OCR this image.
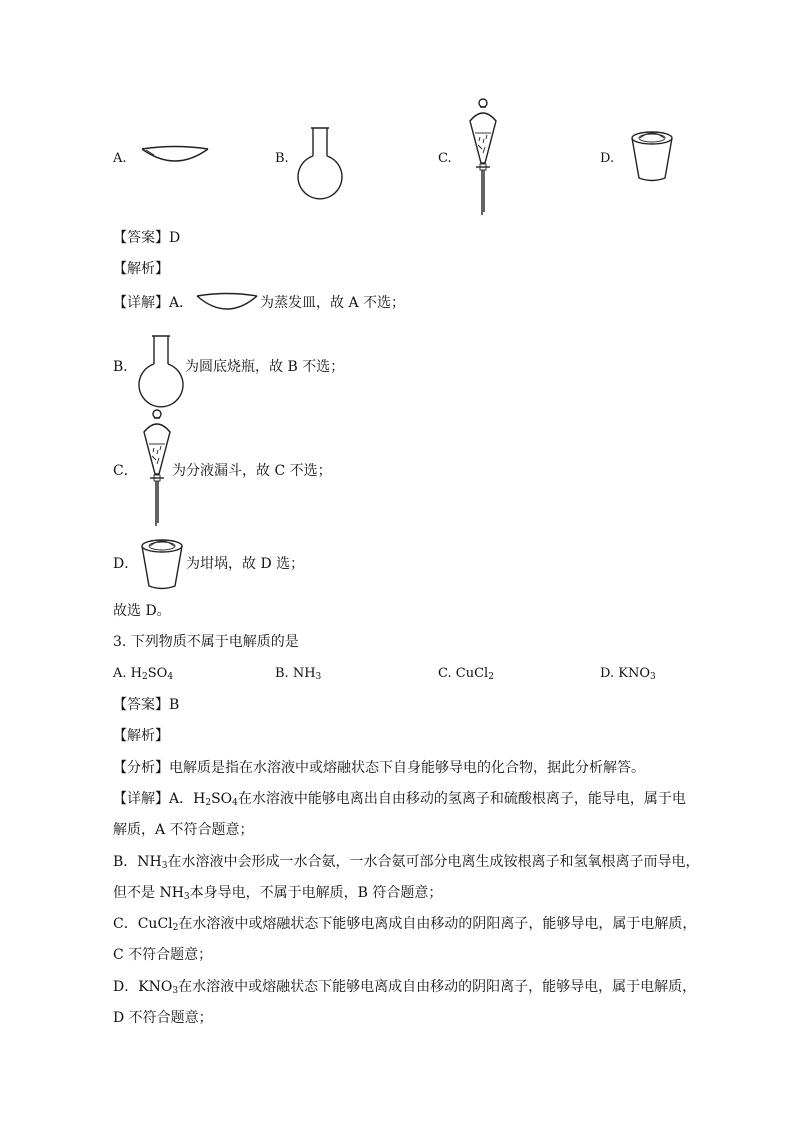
A.	B.	C.	D.
【答案】D
【解析】
【详解】A．	为蒸发皿，故 A 不选；
B．	为圆底烧瓶，故 B 不选；
C． 为分液漏斗，故 C 不选；
D．	为坩埚，故 D 选；
故选 D。
3. 下列物质不属于电解质的是
A. $H_2SO_4$	B. $NH_3$	C. CuCl$_2$	D. $KNO_3$
【答案】B
【解析】
【分析】电解质是指在水溶液中或熔融状态下自身能够导电的化合物，据此分析解答。
【详解】A．$H_2SO_4$在水溶液中能够电离出自由移动的氢离子和硫酸根离子，能导电，属于电
解质，A 不符合题意；
B．$NH_3$在水溶液中会形成一水合氨，一水合氨可部分电离生成铵根离子和氢氧根离子而导电，
但不是 $NH_3$本身导电，不属于电解质，B 符合题意；
C．CuCl$_2$在水溶液中或熔融状态下能够电离成自由移动的阴阳离子，能够导电，属于电解质，
C 不符合题意；
D．$KNO_3$在水溶液中或熔融状态下能够电离成自由移动的阴阳离子，能够导电，属于电解质，
D 不符合题意；
